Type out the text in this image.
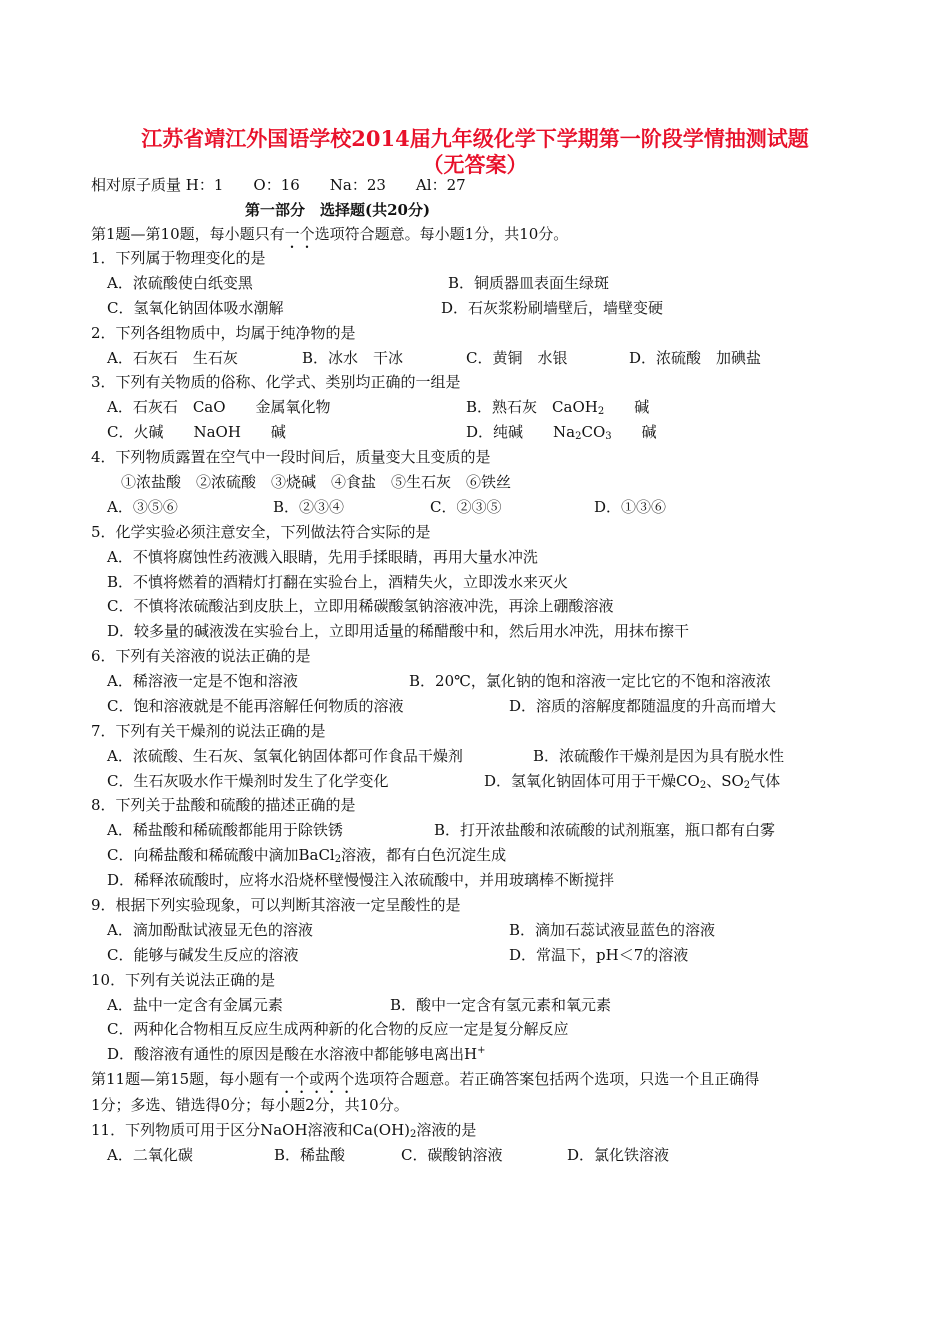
江苏省靖江外国语学校2014届九年级化学下学期第一阶段学情抽测试题
（无答案）
相对原子质量 H：1　　O：16　　Na：23　　Al：27
第一部分　选择题(共20分)
第1题—第10题，每小题只有一个选项符合题意。每小题1分，共10分。
1．下列属于物理变化的是
A．浓硫酸使白纸变黑	B．铜质器皿表面生绿斑
C．氢氧化钠固体吸水潮解	D．石灰浆粉刷墙壁后，墙壁变硬
2．下列各组物质中，均属于纯净物的是
A．石灰石　生石灰	B．冰水　干冰	C．黄铜　水银	D．浓硫酸　加碘盐
3．下列有关物质的俗称、化学式、类别均正确的一组是
A．石灰石　CaO　　金属氧化物	B．熟石灰　CaOH$_2$　　碱
C．火碱　　NaOH　　碱	D．纯碱　　$Na_2CO_3$　　碱
4．下列物质露置在空气中一段时间后，质量变大且变质的是
①浓盐酸　②浓硫酸　③烧碱　④食盐　⑤生石灰　⑥铁丝
A．③⑤⑥	B．②③④	C．②③⑤	D．①③⑥
5．化学实验必须注意安全，下列做法符合实际的是
A．不慎将腐蚀性药液溅入眼睛，先用手揉眼睛，再用大量水冲洗
B．不慎将燃着的酒精灯打翻在实验台上，酒精失火，立即泼水来灭火
C．不慎将浓硫酸沾到皮肤上，立即用稀碳酸氢钠溶液冲洗，再涂上硼酸溶液
D．较多量的碱液泼在实验台上，立即用适量的稀醋酸中和，然后用水冲洗，用抹布擦干
6．下列有关溶液的说法正确的是
A．稀溶液一定是不饱和溶液	B．20℃，氯化钠的饱和溶液一定比它的不饱和溶液浓
C．饱和溶液就是不能再溶解任何物质的溶液	D．溶质的溶解度都随温度的升高而增大
7．下列有关干燥剂的说法正确的是
A．浓硫酸、生石灰、氢氧化钠固体都可作食品干燥剂	B．浓硫酸作干燥剂是因为具有脱水性
C．生石灰吸水作干燥剂时发生了化学变化	D．氢氧化钠固体可用于干燥$CO_2$、$SO_2$气体
8．下列关于盐酸和硫酸的描述正确的是
A．稀盐酸和稀硫酸都能用于除铁锈	B．打开浓盐酸和浓硫酸的试剂瓶塞，瓶口都有白雾
C．向稀盐酸和稀硫酸中滴加BaCl$_2$溶液，都有白色沉淀生成
D．稀释浓硫酸时，应将水沿烧杯壁慢慢注入浓硫酸中，并用玻璃棒不断搅拌
9．根据下列实验现象，可以判断其溶液一定呈酸性的是
A．滴加酚酞试液显无色的溶液	B．滴加石蕊试液显蓝色的溶液
C．能够与碱发生反应的溶液	D．常温下，pH＜7的溶液
10．下列有关说法正确的是
A．盐中一定含有金属元素	B．酸中一定含有氢元素和氧元素
C．两种化合物相互反应生成两种新的化合物的反应一定是复分解反应
D．酸溶液有通性的原因是酸在水溶液中都能够电离出H+
第11题—第15题，每小题有一个或两个选项符合题意。若正确答案包括两个选项，只选一个且正确得
1分；多选、错选得0分；每小题2分，共10分。
11．下列物质可用于区分NaOH溶液和$Ca(OH)_2$溶液的是
A．二氧化碳	B．稀盐酸	C．碳酸钠溶液	D．氯化铁溶液
